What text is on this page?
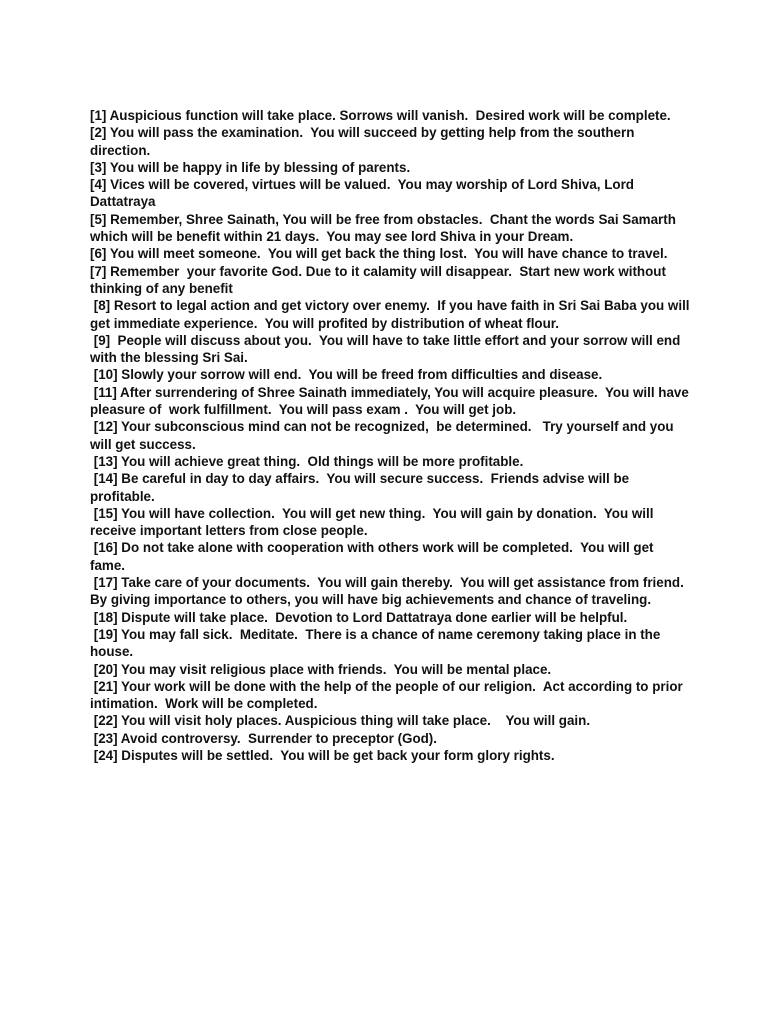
[1] Auspicious function will take place. Sorrows will vanish.  Desired work will be complete.

[2] You will pass the examination.  You will succeed by getting help from the southern direction.

[3] You will be happy in life by blessing of parents.

[4] Vices will be covered, virtues will be valued.  You may worship of Lord Shiva, Lord Dattatraya

[5] Remember, Shree Sainath, You will be free from obstacles.  Chant the words Sai Samarth which will be benefit within 21 days.  You may see lord Shiva in your Dream.

[6] You will meet someone.  You will get back the thing lost.  You will have chance to travel.

[7] Remember  your favorite God. Due to it calamity will disappear.  Start new work without thinking of any benefit

[8] Resort to legal action and get victory over enemy.  If you have faith in Sri Sai Baba you will get immediate experience.  You will profited by distribution of wheat flour.

[9]  People will discuss about you.  You will have to take little effort and your sorrow will end with the blessing Sri Sai.

[10] Slowly your sorrow will end.  You will be freed from difficulties and disease.

[11] After surrendering of Shree Sainath immediately, You will acquire pleasure.  You will have pleasure of  work fulfillment.  You will pass exam .  You will get job.

[12] Your subconscious mind can not be recognized,  be determined.   Try yourself and you will get success.

[13] You will achieve great thing.  Old things will be more profitable.

[14] Be careful in day to day affairs.  You will secure success.  Friends advise will be profitable.

[15] You will have collection.  You will get new thing.  You will gain by donation.  You will receive important letters from close people.

[16] Do not take alone with cooperation with others work will be completed.  You will get fame.

[17] Take care of your documents.  You will gain thereby.  You will get assistance from friend.  By giving importance to others, you will have big achievements and chance of traveling.

[18] Dispute will take place.  Devotion to Lord Dattatraya done earlier will be helpful.

[19] You may fall sick.  Meditate.  There is a chance of name ceremony taking place in the house.

[20] You may visit religious place with friends.  You will be mental place.

[21] Your work will be done with the help of the people of our religion.  Act according to prior intimation.  Work will be completed.

[22] You will visit holy places. Auspicious thing will take place.    You will gain.

[23] Avoid controversy.  Surrender to preceptor (God).

[24] Disputes will be settled.  You will be get back your form glory rights.
